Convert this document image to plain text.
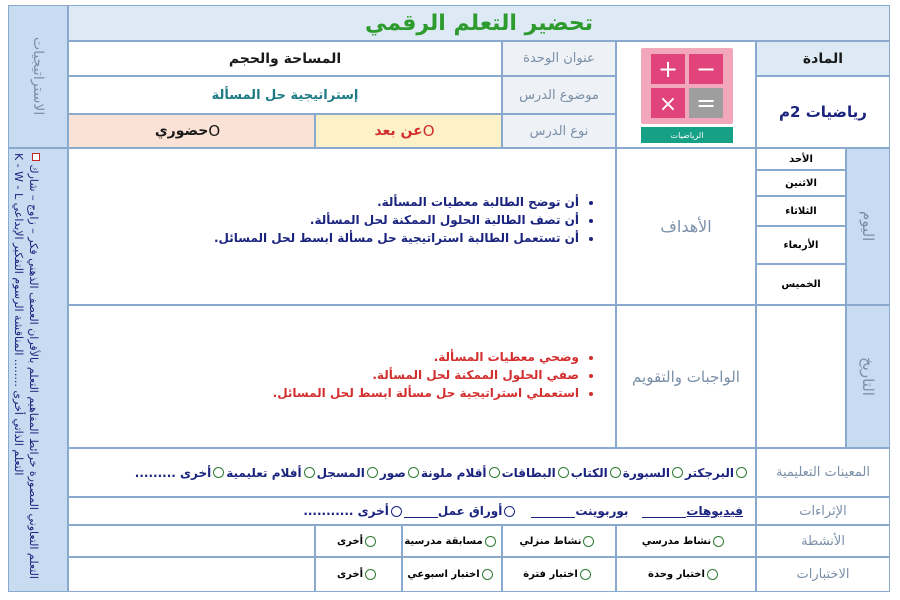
تحضير التعلم الرقمي
الاستراتيجيات
التعلم التعاوني المصورة خرائط المفاهيم التعلم بالأقران العصف الذهني فكر – زاوج – شارك K - W - L التعلم الذاتي أخرى ........ المناقشة الرسوم التفكير الإبداعي
المادة
رياضيات 2م
+ −
× =
الرياضيات
عنوان الوحدة
المساحة والحجم
موضوع الدرس
إستراتيجية حل المسألة
نوع الدرس
عن بعد O
حضوري O
اليوم
الأحد
الاثنين
الثلاثاء
الأربعاء
الخميس
التاريخ
الأهداف
• أن توضح الطالبة معطيات المسألة.
• أن تصف الطالبة الحلول الممكنة لحل المسألة.
• أن تستعمل الطالبة استراتيجية حل مسألة ابسط لحل المسائل.
الواجبات والتقويم
• وضحي معطيات المسألة.
• صفي الحلول الممكنة لحل المسألة.
• استعملي استراتيجية حل مسألة ابسط لحل المسائل.
المعينات التعليمية
البرجكتر
السبورة
الكتاب
البطاقات
أقلام ملونة
صور
المسجل
أفلام تعليمية
أخرى .........
الإثراءات
فيديوهات
بوربوينت
أوراق عمل
أخرى ...........
الأنشطة
نشاط مدرسي
نشاط منزلي
مسابقة مدرسية
أخرى
الاختبارات
اختبار وحدة
اختبار فترة
اختبار اسبوعي
أخرى
